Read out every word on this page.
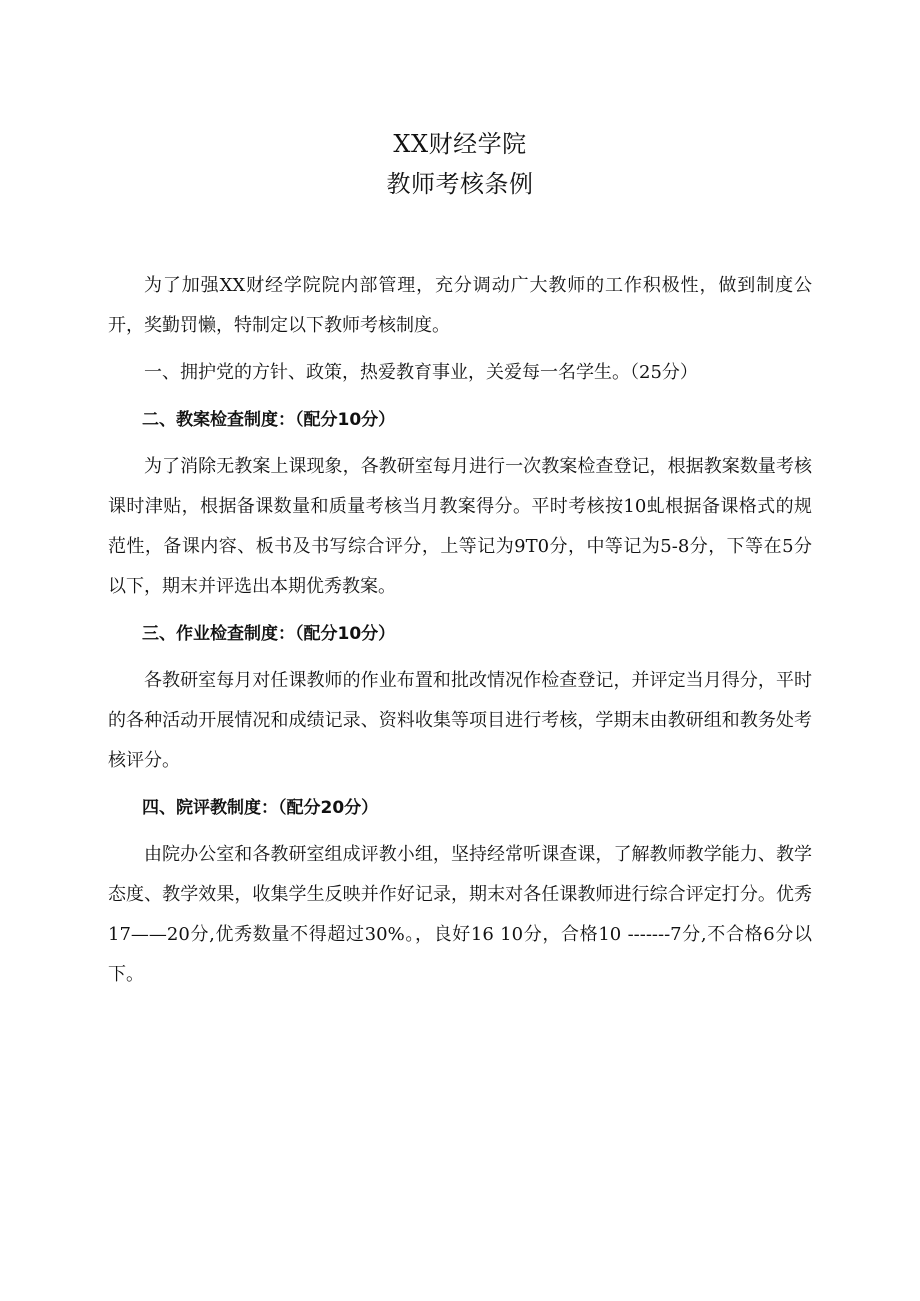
XX财经学院
教师考核条例

为了加强XX财经学院院内部管理，充分调动广大教师的工作积极性，做到制度公开，奖勤罚懒，特制定以下教师考核制度。

一、拥护党的方针、政策，热爱教育事业，关爱每一名学生。（25分）

二、教案检查制度：（配分10分）

为了消除无教案上课现象，各教研室每月进行一次教案检查登记，根据教案数量考核课时津贴，根据备课数量和质量考核当月教案得分。平时考核按10虬根据备课格式的规范性，备课内容、板书及书写综合评分，上等记为9T0分，中等记为5-8分，下等在5分以下，期末并评选出本期优秀教案。

三、作业检查制度：（配分10分）

各教研室每月对任课教师的作业布置和批改情况作检查登记，并评定当月得分，平时的各种活动开展情况和成绩记录、资料收集等项目进行考核，学期末由教研组和教务处考核评分。

四、院评教制度：（配分20分）

由院办公室和各教研室组成评教小组，坚持经常听课查课，了解教师教学能力、教学态度、教学效果，收集学生反映并作好记录，期末对各任课教师进行综合评定打分。优秀17——20分,优秀数量不得超过30%。，良好16 10分，合格10 -------7分,不合格6分以下。
